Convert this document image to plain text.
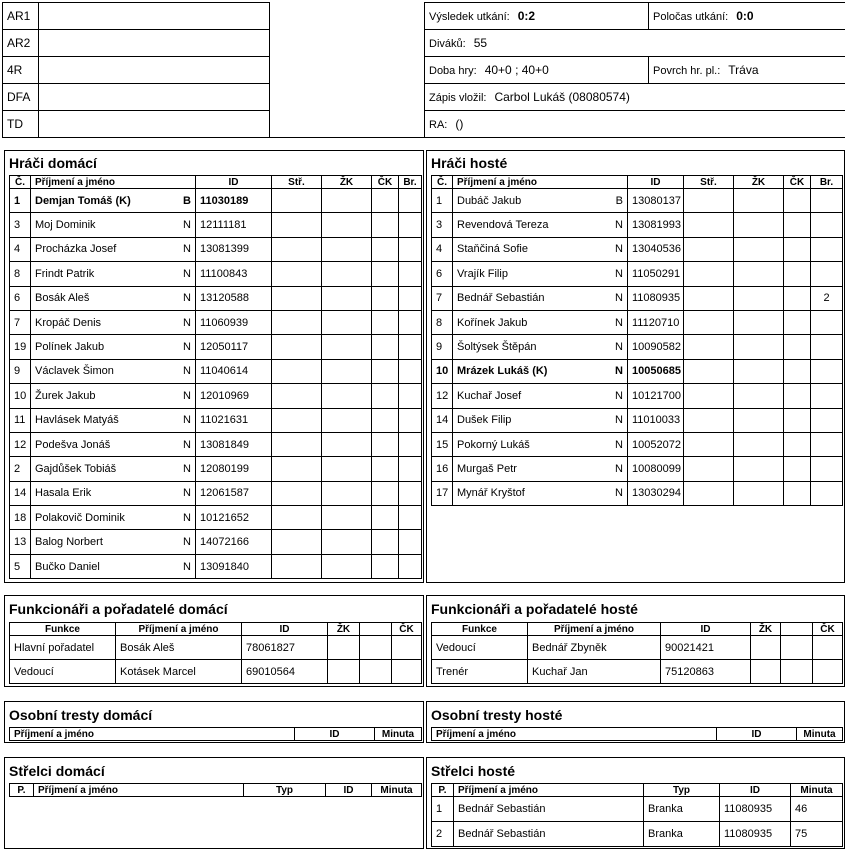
AR1			Výsledek utkání: 0:2	Poločas utkání: 0:0
AR2			Diváků: 55	
4R			Doba hry: 40+0 ; 40+0	Povrch hr. pl.: Tráva
DFA			Zápis vložil: Carbol Lukáš (08080574)	
TD			RA: ()	
Hráči domácí
Č.	Příjmení a jméno	ID	Stř.	ŽK	ČK	Br.
1	Demjan Tomáš (K) B	11030189				
3	Moj Dominik N	12111181				
4	Procházka Josef N	13081399				
8	Frindt Patrik N	11100843				
6	Bosák Aleš N	13120588				
7	Kropáč Denis N	11060939				
19	Polínek Jakub N	12050117				
9	Václavek Šimon N	11040614				
10	Žurek Jakub N	12010969				
11	Havlásek Matyáš N	11021631				
12	Podešva Jonáš N	13081849				
2	Gajdůšek Tobiáš N	12080199				
14	Hasala Erik N	12061587				
18	Polakovič Dominik N	10121652				
13	Balog Norbert N	14072166				
5	Bučko Daniel N	13091840				
Hráči hosté
Č.	Příjmení a jméno	ID	Stř.	ŽK	ČK	Br.
1	Dubáč Jakub B	13080137				
3	Revendová Tereza N	13081993				
4	Staňčiná Sofie N	13040536				
6	Vrajík Filip N	11050291				
7	Bednář Sebastián N	11080935				2
8	Kořínek Jakub N	11120710				
9	Šoltýsek Štěpán N	10090582				
10	Mrázek Lukáš (K) N	10050685				
12	Kuchař Josef N	10121700				
14	Dušek Filip N	11010033				
15	Pokorný Lukáš N	10052072				
16	Murgaš Petr N	10080099				
17	Mynář Kryštof N	13030294				
Funkcionáři a pořadatelé domácí
Funkce	Příjmení a jméno	ID	ŽK		ČK
Hlavní pořadatel	Bosák Aleš	78061827			
Vedoucí	Kotásek Marcel	69010564			
Funkcionáři a pořadatelé hosté
Funkce	Příjmení a jméno	ID	ŽK		ČK
Vedoucí	Bednář Zbyněk	90021421			
Trenér	Kuchař Jan	75120863			
Osobní tresty domácí
Příjmení a jméno	ID	Minuta
Osobní tresty hosté
Příjmení a jméno	ID	Minuta
Střelci domácí
P.	Příjmení a jméno	Typ	ID	Minuta
Střelci hosté
P.	Příjmení a jméno	Typ	ID	Minuta
1	Bednář Sebastián	Branka	11080935	46
2	Bednář Sebastián	Branka	11080935	75
